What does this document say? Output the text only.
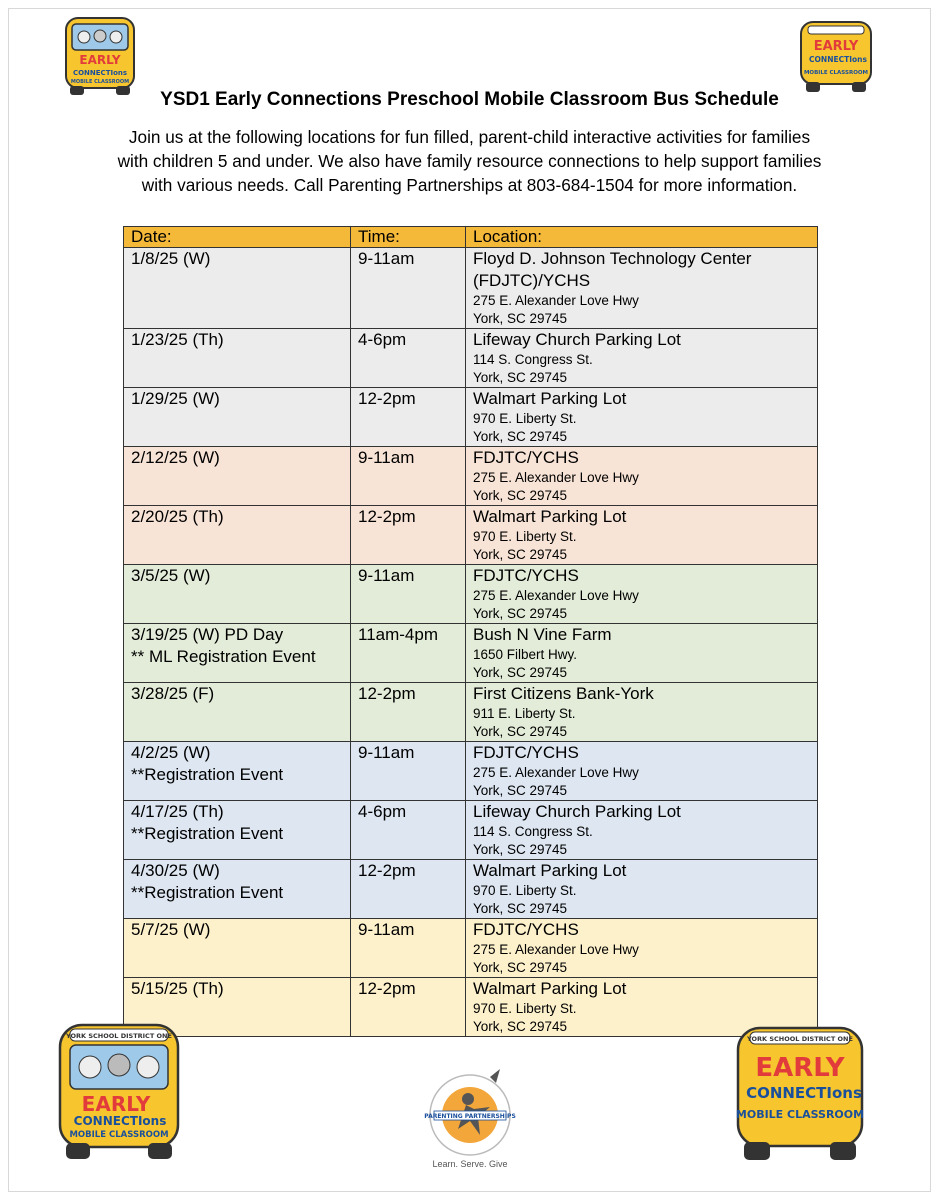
EARLY
CONNECTIons
MOBILE CLASSROOM
EARLY
CONNECTIons
MOBILE CLASSROOM
YSD1 Early Connections Preschool Mobile Classroom Bus Schedule
Join us at the following locations for fun filled, parent-child interactive activities for families
with children 5 and under. We also have family resource connections to help support families
with various needs. Call Parenting Partnerships at 803-684-1504 for more information.
Date:	Time:	Location:

1/8/25 (W)	9-11am	Floyd D. Johnson Technology Center
(FDJTC)/YCHS
275 E. Alexander Love Hwy
York, SC 29745

1/23/25 (Th)	4-6pm	Lifeway Church Parking Lot
114 S. Congress St.
York, SC 29745

1/29/25 (W)	12-2pm	Walmart Parking Lot
970 E. Liberty St.
York, SC 29745

2/12/25 (W)	9-11am	FDJTC/YCHS
275 E. Alexander Love Hwy
York, SC 29745

2/20/25 (Th)	12-2pm	Walmart Parking Lot
970 E. Liberty St.
York, SC 29745

3/5/25 (W)	9-11am	FDJTC/YCHS
275 E. Alexander Love Hwy
York, SC 29745

3/19/25 (W) PD Day
** ML Registration Event	11am-4pm	Bush N Vine Farm
1650 Filbert Hwy.
York, SC 29745

3/28/25 (F)	12-2pm	First Citizens Bank-York
911 E. Liberty St.
York, SC 29745

4/2/25 (W)
**Registration Event	9-11am	FDJTC/YCHS
275 E. Alexander Love Hwy
York, SC 29745

4/17/25 (Th)
**Registration Event	4-6pm	Lifeway Church Parking Lot
114 S. Congress St.
York, SC 29745

4/30/25 (W)
**Registration Event	12-2pm	Walmart Parking Lot
970 E. Liberty St.
York, SC 29745

5/7/25 (W)	9-11am	FDJTC/YCHS
275 E. Alexander Love Hwy
York, SC 29745

5/15/25 (Th)	12-2pm	Walmart Parking Lot
970 E. Liberty St.
York, SC 29745
YORK SCHOOL DISTRICT ONE
EARLY
CONNECTIons
MOBILE CLASSROOM
PARENTING PARTNERSHIPS
Learn. Serve. Give
YORK SCHOOL DISTRICT ONE
EARLY
CONNECTIons
MOBILE CLASSROOM
